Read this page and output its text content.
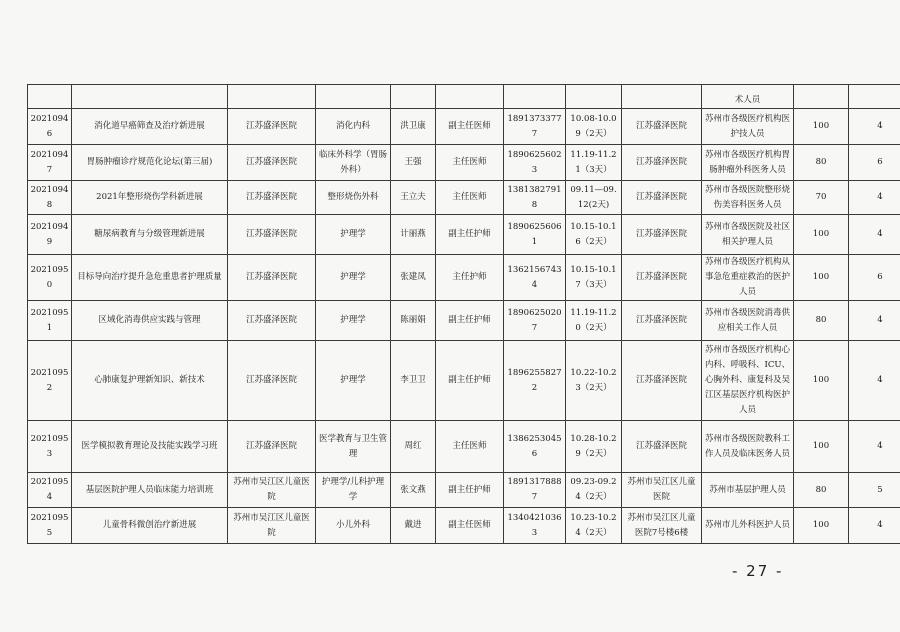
									术人员		
20210946	消化道早癌筛查及治疗新进展	江苏盛泽医院	消化内科	洪卫康	副主任医师	18913733777	10.08-10.09（2天）	江苏盛泽医院	苏州市各级医疗机构医护技人员	100	4
20210947	胃肠肿瘤诊疗规范化论坛(第三届)	江苏盛泽医院	临床外科学（胃肠外科）	王强	主任医师	18906256023	11.19-11.21（3天）	江苏盛泽医院	苏州市各级医疗机构胃肠肿瘤外科医务人员	80	6
20210948	2021年整形烧伤学科新进展	江苏盛泽医院	整形烧伤外科	王立夫	主任医师	13813827918	09.11—09.12(2天)	江苏盛泽医院	苏州市各级医院整形烧伤美容科医务人员	70	4
20210949	糖尿病教育与分级管理新进展	江苏盛泽医院	护理学	计丽燕	副主任护师	18906256061	10.15-10.16（2天）	江苏盛泽医院	苏州市各级医院及社区相关护理人员	100	4
20210950	目标导向治疗提升急危重患者护理质量	江苏盛泽医院	护理学	张建凤	主任护师	13621567434	10.15-10.17（3天）	江苏盛泽医院	苏州市各级医疗机构从事急危重症救治的医护人员	100	6
20210951	区域化消毒供应实践与管理	江苏盛泽医院	护理学	陈丽娟	副主任护师	18906250207	11.19-11.20（2天）	江苏盛泽医院	苏州市各级医院消毒供应相关工作人员	80	4
20210952	心肺康复护理新知识、新技术	江苏盛泽医院	护理学	李卫卫	副主任护师	18962558272	10.22-10.23（2天）	江苏盛泽医院	苏州市各级医疗机构心内科、呼吸科、ICU、心胸外科、康复科及吴江区基层医疗机构医护人员	100	4
20210953	医学模拟教育理论及技能实践学习班	江苏盛泽医院	医学教育与卫生管理	周红	主任医师	13862530456	10.28-10.29（2天）	江苏盛泽医院	苏州市各级医院教科工作人员及临床医务人员	100	4
20210954	基层医院护理人员临床能力培训班	苏州市吴江区儿童医院	护理学/儿科护理学	张文燕	副主任护师	18913178887	09.23-09.24（2天）	苏州市吴江区儿童医院	苏州市基层护理人员	80	5
20210955	儿童骨科微创治疗新进展	苏州市吴江区儿童医院	小儿外科	戴进	副主任医师	13404210363	10.23-10.24（2天）	苏州市吴江区儿童医院7号楼6楼	苏州市儿外科医护人员	100	4
- 27 -
